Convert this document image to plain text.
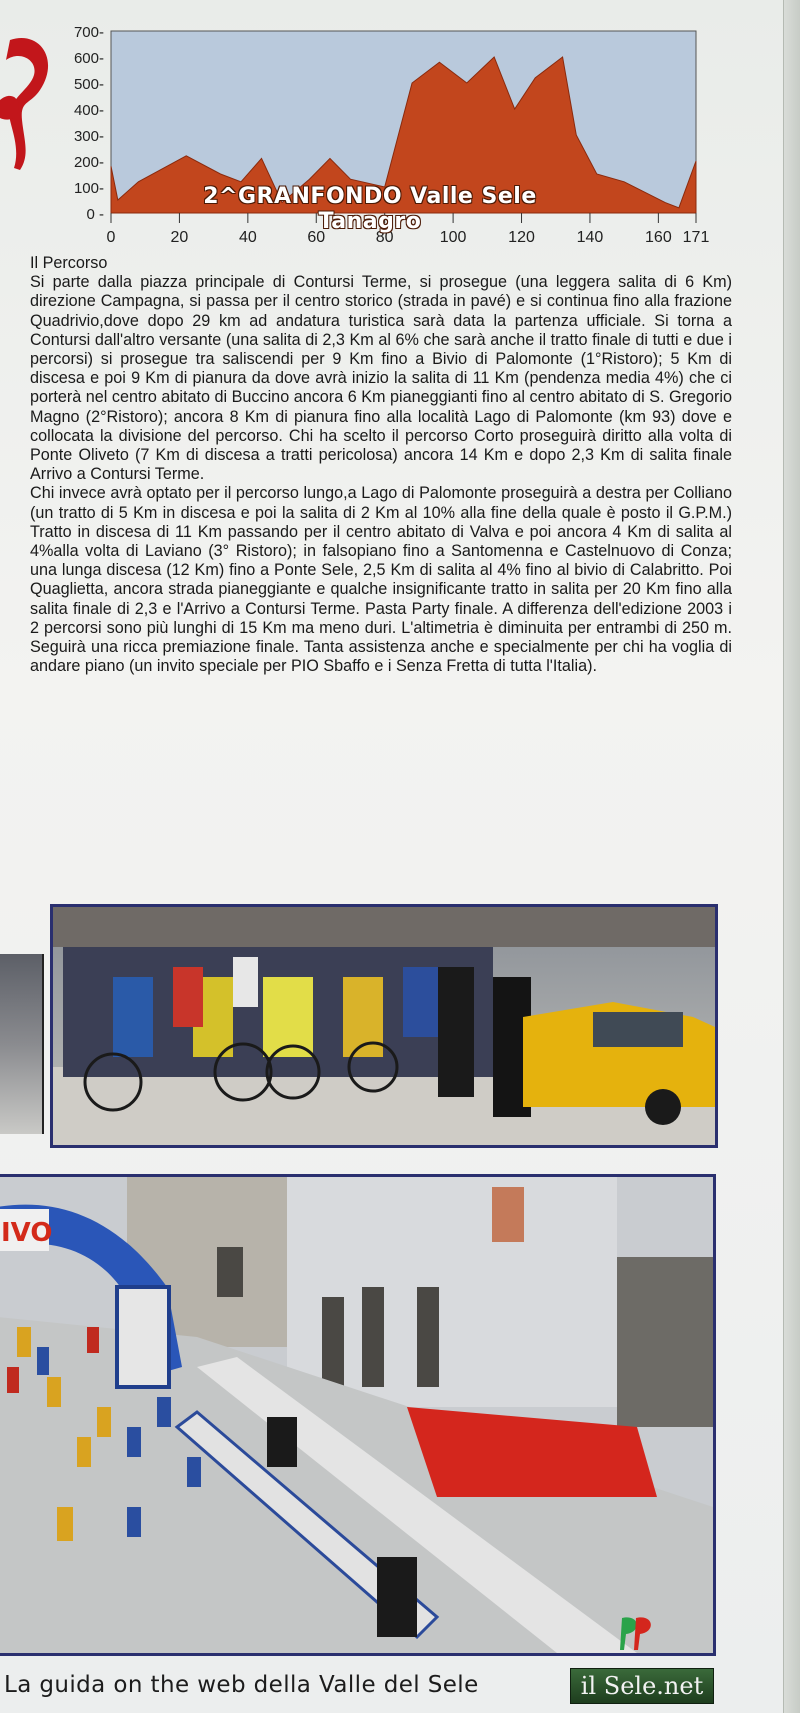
700-
600-
500-
400-
300-
200-
100-
0 -
0	20	40	60	80	100	120	140	160 171
2^GRANFONDO Valle Sele Tanagro

Il Percorso

Si parte dalla piazza principale di Contursi Terme, si prosegue (una leggera salita di 6 Km) direzione Campagna, si passa per il centro storico (strada in pavé) e si continua fino alla frazione Quadrivio,dove dopo 29 km ad andatura turistica sarà data la partenza ufficiale. Si torna a Contursi dall'altro versante (una salita di 2,3 Km al 6% che sarà anche il tratto finale di tutti e due i percorsi) si prosegue tra saliscendi per 9 Km fino a Bivio di Palomonte (1°Ristoro); 5 Km di discesa e poi 9 Km di pianura da dove avrà inizio la salita di 11 Km (pendenza media 4%) che ci porterà nel centro abitato di Buccino ancora 6 Km pianeggianti fino al centro abitato di S. Gregorio Magno (2°Ristoro); ancora 8 Km di pianura fino alla località Lago di Palomonte (km 93) dove e collocata la divisione del percorso. Chi ha scelto il percorso Corto proseguirà diritto alla volta di Ponte Oliveto (7 Km di discesa a tratti pericolosa) ancora 14 Km e dopo 2,3 Km di salita finale Arrivo a Contursi Terme.

Chi invece avrà optato per il percorso lungo,a Lago di Palomonte proseguirà a destra per Colliano (un tratto di 5 Km in discesa e poi la salita di 2 Km al 10% alla fine della quale è posto il G.P.M.) Tratto in discesa di 11 Km passando per il centro abitato di Valva e poi ancora 4 Km di salita al 4%alla volta di Laviano (3° Ristoro); in falsopiano fino a Santomenna e Castelnuovo di Conza; una lunga discesa (12 Km) fino a Ponte Sele, 2,5 Km di salita al 4% fino al bivio di Calabritto. Poi Quaglietta, ancora strada pianeggiante e qualche insignificante tratto in salita per 20 Km fino alla salita finale di 2,3 e l'Arrivo a Contursi Terme. Pasta Party finale. A differenza dell'edizione 2003 i 2 percorsi sono più lunghi di 15 Km ma meno duri. L'altimetria è diminuita per entrambi di 250 m. Seguirà una ricca premiazione finale. Tanta assistenza anche e specialmente per chi ha voglia di andare piano (un invito speciale per PIO Sbaffo e i Senza Fretta di tutta l'Italia).

IVO
La guida on the web della Valle del Sele	il Sele.net
